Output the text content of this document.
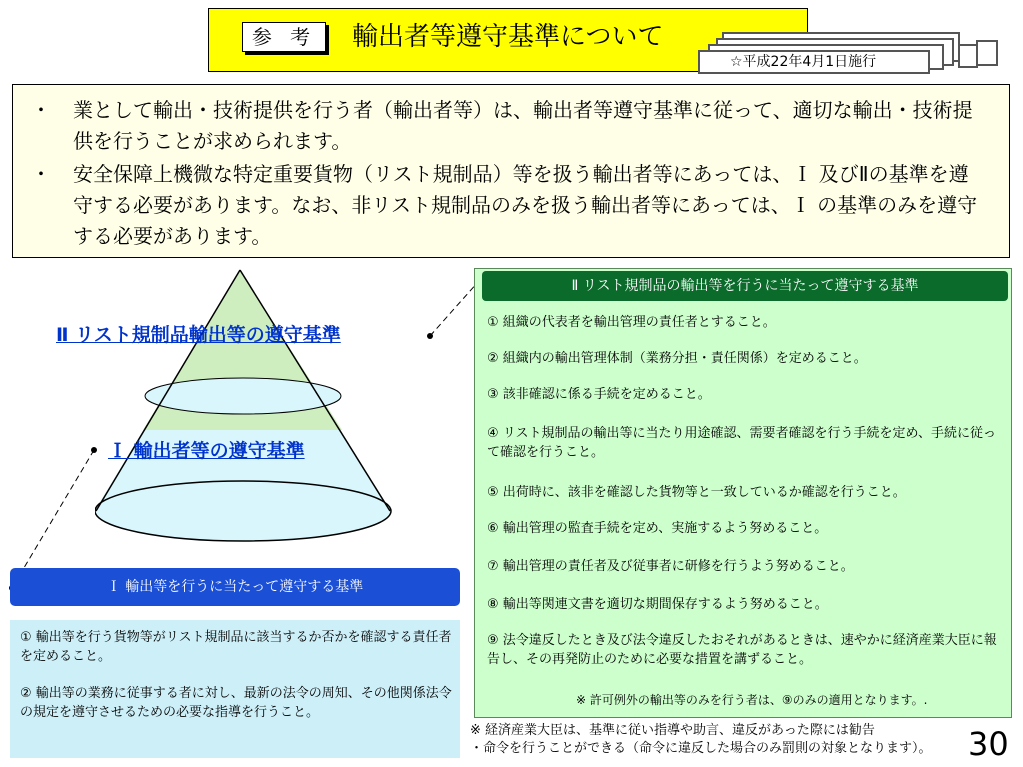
参 考	輸出者等遵守基準について
☆平成22年4月1日施行
・	業として輸出・技術提供を行う者（輸出者等）は、輸出者等遵守基準に従って、適切な輸出・技術提供を行うことが求められます。
・	安全保障上機微な特定重要貨物（リスト規制品）等を扱う輸出者等にあっては、Ｉ 及びⅡの基準を遵守する必要があります。なお、非リスト規制品のみを扱う輸出者等にあっては、Ｉ の基準のみを遵守する必要があります。
Ⅱ リスト規制品輸出等の遵守基準
Ｉ 輸出者等の遵守基準
① 組織の代表者を輸出管理の責任者とすること。
② 組織内の輸出管理体制（業務分担・責任関係）を定めること。
③ 該非確認に係る手続を定めること。
④ リスト規制品の輸出等に当たり用途確認、需要者確認を行う手続を定め、手続に従って確認を行うこと。
⑤ 出荷時に、該非を確認した貨物等と一致しているか確認を行うこと。
⑥ 輸出管理の監査手続を定め、実施するよう努めること。
⑦ 輸出管理の責任者及び従事者に研修を行うよう努めること。
⑧ 輸出等関連文書を適切な期間保存するよう努めること。
⑨ 法令違反したとき及び法令違反したおそれがあるときは、速やかに経済産業大臣に報告し、その再発防止のために必要な措置を講ずること。
Ⅱ リスト規制品の輸出等を行うに当たって遵守する基準
※ 許可例外の輸出等のみを行う者は、⑨のみの適用となります。.
Ｉ 輸出等を行うに当たって遵守する基準
① 輸出等を行う貨物等がリスト規制品に該当するか否かを確認する責任者を定めること。
② 輸出等の業務に従事する者に対し、最新の法令の周知、その他関係法令の規定を遵守させるための必要な指導を行うこと。
※ 経済産業大臣は、基準に従い指導や助言、違反があった際には勧告
・命令を行うことができる（命令に違反した場合のみ罰則の対象となります）。	30
